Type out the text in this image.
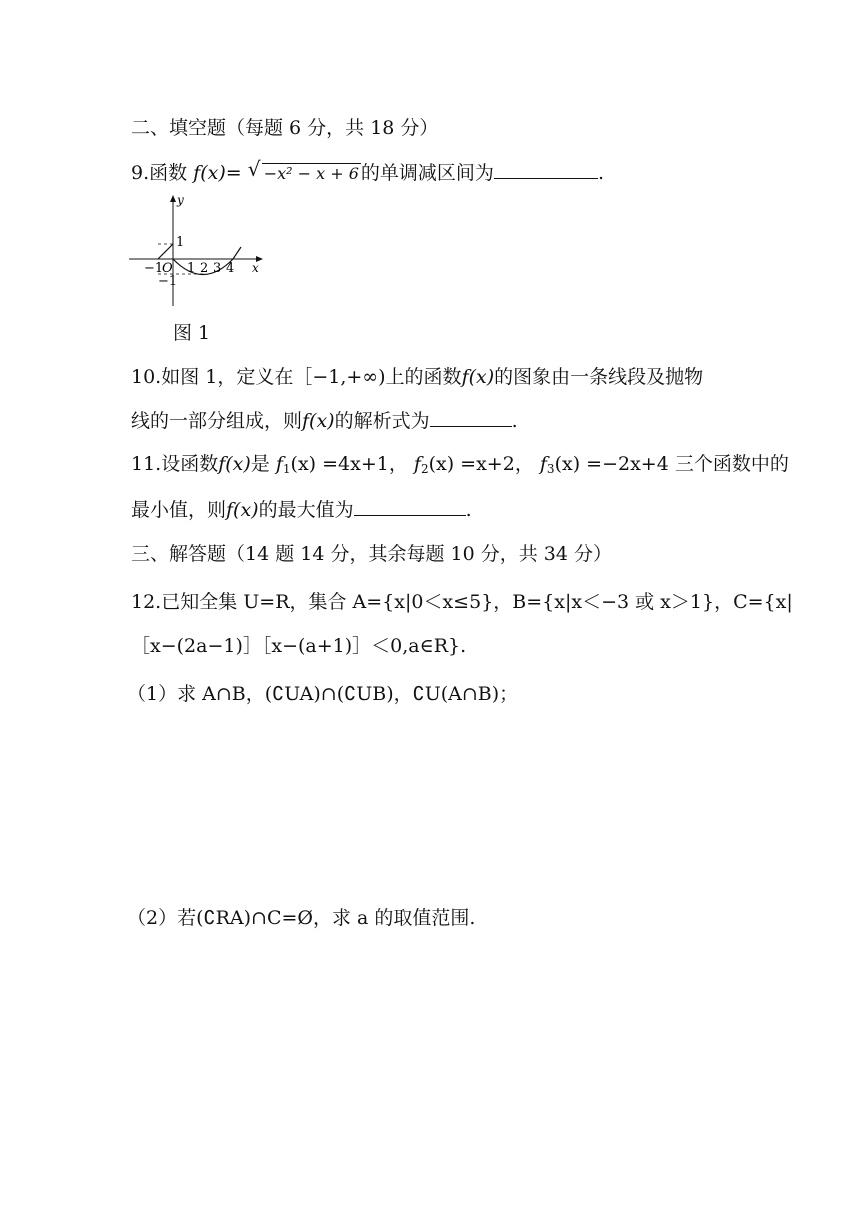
二、填空题（每题 6 分，共 18 分）
9.函数 f(x)= √ −x² − x + 6 的单调减区间为	.
y
x
1
−1
O 1 2 3 4
−1
图 1
10.如图 1，定义在［−1,+∞)上的函数f(x)的图象由一条线段及抛物
线的一部分组成，则f(x)的解析式为	.
11.设函数f(x)是 $f_1(x) =4x+1$， $f_2(x) =x+2$， $f_3(x) =-2x+4$ 三个函数中的
最小值，则f(x)的最大值为	.
三、解答题（14 题 14 分，其余每题 10 分，共 34 分）
12.已知全集 U=R，集合 A={x|0＜x≤5}，B={x|x＜−3 或 x＞1}，C={x|
［x−(2a−1)］［x−(a+1)］＜0,a∈R}.
（1）求 A∩B，(∁UA)∩(∁UB)，∁U(A∩B)；
（2）若(∁RA)∩C=Ø，求 a 的取值范围.
